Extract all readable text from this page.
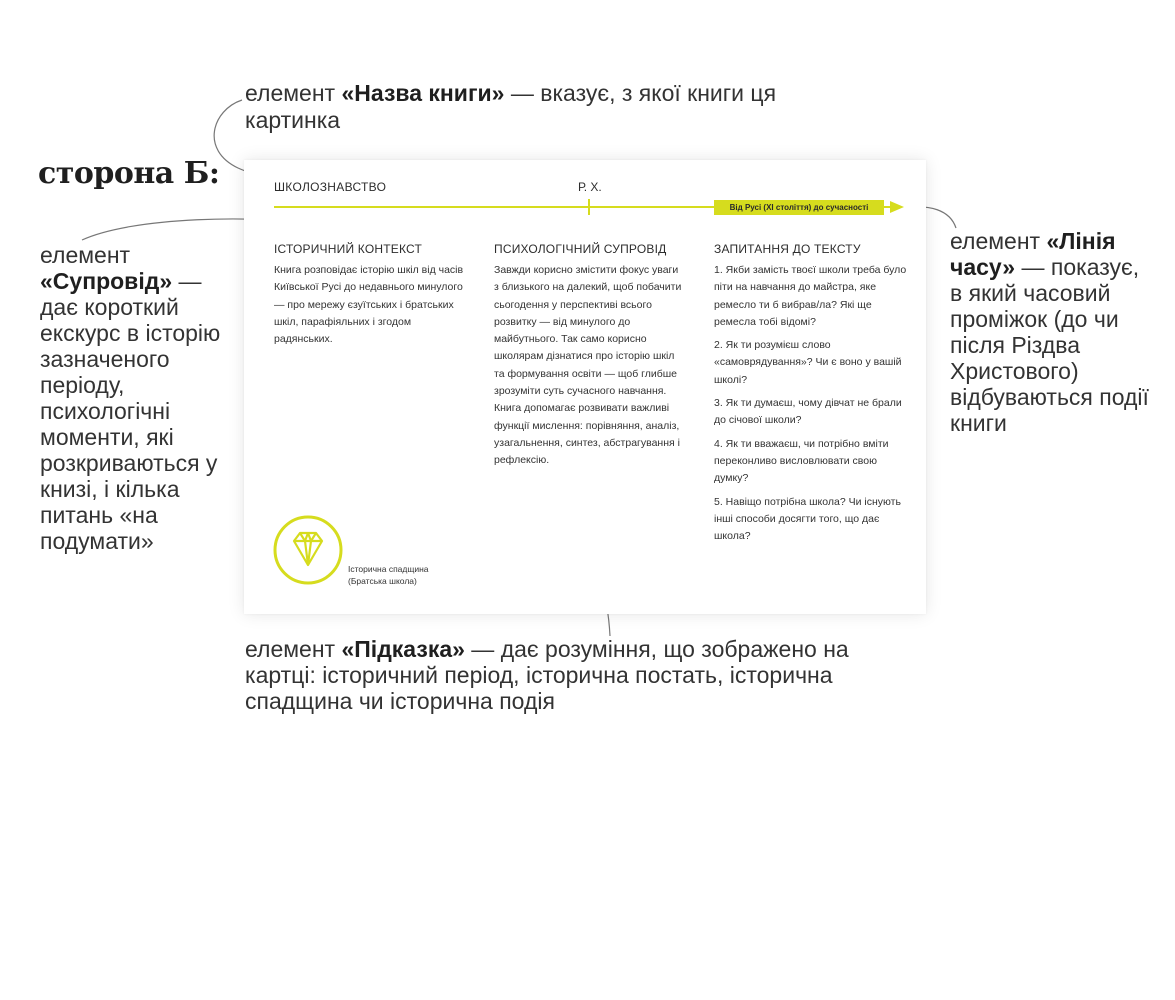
елемент «Назва книги» — вказує, з якої книги ця картинка
сторона Б:
елемент «Супровід» — дає короткий екскурс в історію зазначеного періоду, психологічні моменти, які розкриваються у книзі, і кілька питань «на подумати»
елемент «Лінія часу» — показує, в який часовий проміжок (до чи після Різдва Христового) відбуваються події книги
елемент «Підказка» — дає розуміння, що зображено на картці: історичний період, історична постать, історична спадщина чи історична подія
ШКОЛОЗНАВСТВО	Р. Х.
Від Русі (XI століття) до сучасності
ІСТОРИЧНИЙ КОНТЕКСТ

Книга розповідає історію шкіл від часів Київської Русі до недавнього минулого — про мережу єзуїтських і братських шкіл, парафіяльних і згодом радянських.

ПСИХОЛОГІЧНИЙ СУПРОВІД

Завжди корисно змістити фокус уваги з близького на далекий, щоб побачити сьогодення у перспективі всього розвитку — від минулого до майбутнього. Так само корисно школярам дізнатися про історію шкіл та формування освіти — щоб глибше зрозуміти суть сучасного навчання.

Книга допомагає розвивати важливі функції мислення: порівняння, аналіз, узагальнення, синтез, абстрагування і рефлексію.

ЗАПИТАННЯ ДО ТЕКСТУ

1. Якби замість твоєї школи треба було піти на навчання до майстра, яке ремесло ти б вибрав/ла? Які ще ремесла тобі відомі?

2. Як ти розумієш слово «самоврядування»? Чи є воно у вашій школі?

3. Як ти думаєш, чому дівчат не брали до січової школи?

4. Як ти вважаєш, чи потрібно вміти переконливо висловлювати свою думку?

5. Навіщо потрібна школа? Чи існують інші способи досягти того, що дає школа?

Історична спадщина
(Братська школа)
